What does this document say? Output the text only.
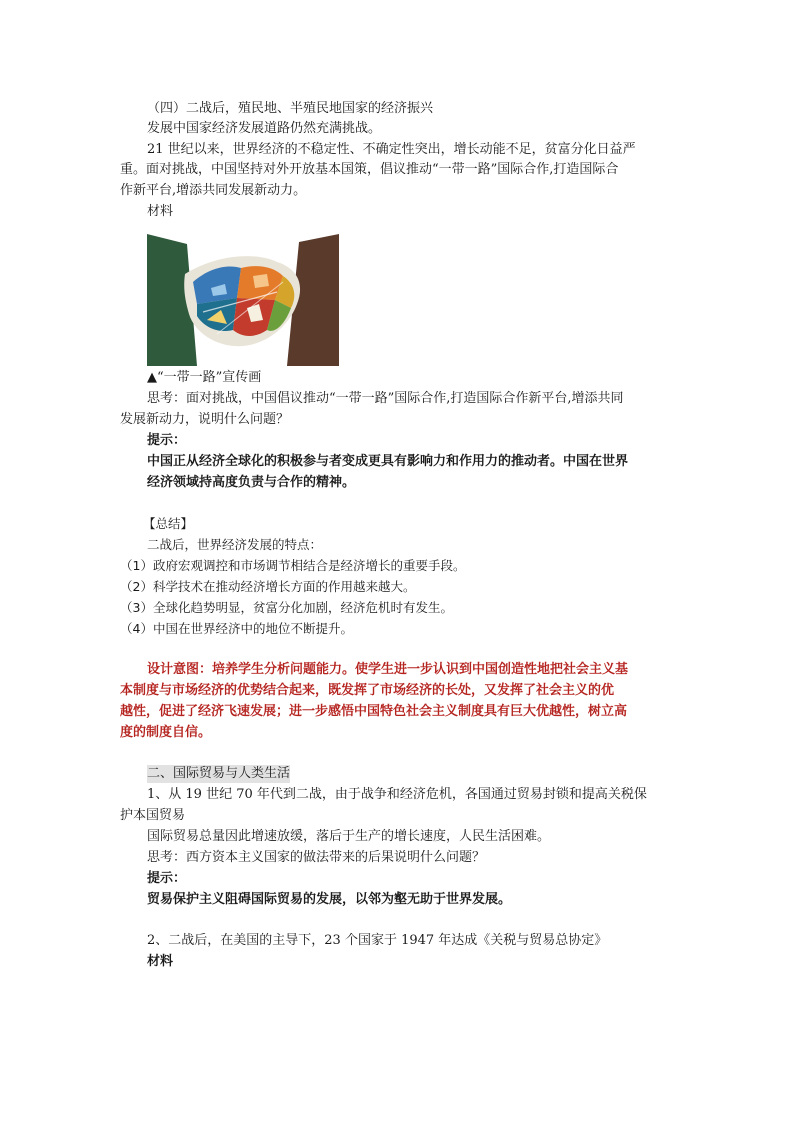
（四）二战后，殖民地、半殖民地国家的经济振兴
发展中国家经济发展道路仍然充满挑战。
21 世纪以来，世界经济的不稳定性、不确定性突出，增长动能不足，贫富分化日益严
重。面对挑战，中国坚持对外开放基本国策，倡议推动“一带一路”国际合作,打造国际合
作新平台,增添共同发展新动力。
材料
▲“一带一路”宣传画
思考：面对挑战，中国倡议推动“一带一路”国际合作,打造国际合作新平台,增添共同
发展新动力，说明什么问题？
提示：
中国正从经济全球化的积极参与者变成更具有影响力和作用力的推动者。中国在世界
经济领域持高度负责与合作的精神。
【总结】
二战后，世界经济发展的特点：
（1）政府宏观调控和市场调节相结合是经济增长的重要手段。
（2）科学技术在推动经济增长方面的作用越来越大。
（3）全球化趋势明显，贫富分化加剧，经济危机时有发生。
（4）中国在世界经济中的地位不断提升。
设计意图：培养学生分析问题能力。使学生进一步认识到中国创造性地把社会主义基
本制度与市场经济的优势结合起来，既发挥了市场经济的长处，又发挥了社会主义的优
越性，促进了经济飞速发展；进一步感悟中国特色社会主义制度具有巨大优越性，树立高
度的制度自信。
二、国际贸易与人类生活
1、从 19 世纪 70 年代到二战，由于战争和经济危机，各国通过贸易封锁和提高关税保
护本国贸易
国际贸易总量因此增速放缓，落后于生产的增长速度，人民生活困难。
思考：西方资本主义国家的做法带来的后果说明什么问题？
提示：
贸易保护主义阻碍国际贸易的发展，以邻为壑无助于世界发展。
2、二战后，在美国的主导下，23 个国家于 1947 年达成《关税与贸易总协定》
材料
